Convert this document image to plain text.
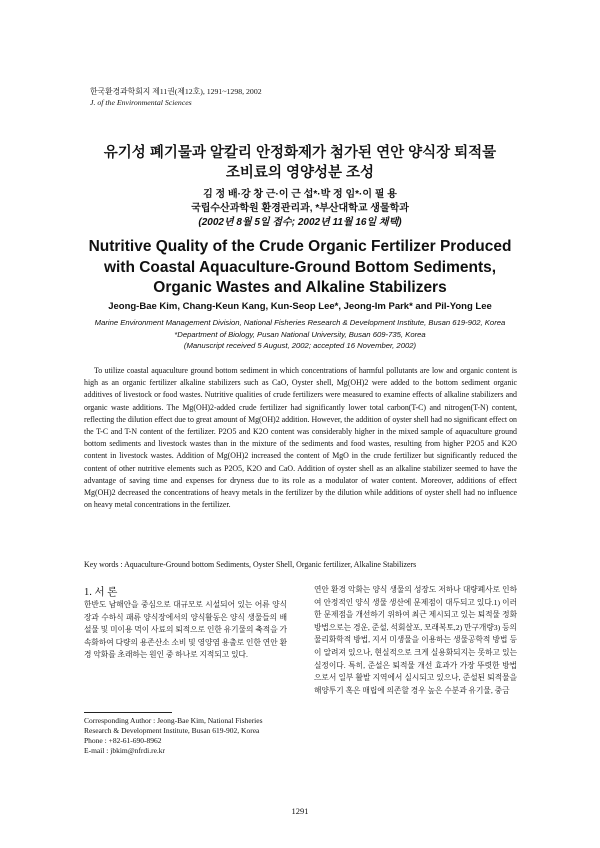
한국환경과학회지 제11권(제12호), 1291~1298, 2002
J. of the Environmental Sciences
유기성 폐기물과 알칼리 안정화제가 첨가된 연안 양식장 퇴적물
조비료의 영양성분 조성
김 정 배·강 창 근·이 근 섭*·박 정 임*·이 필 용
국립수산과학원 환경관리과, *부산대학교 생물학과
(2002년 8월 5일 접수; 2002년 11월 16일 채택)
Nutritive Quality of the Crude Organic Fertilizer Produced
with Coastal Aquaculture-Ground Bottom Sediments,
Organic Wastes and Alkaline Stabilizers
Jeong-Bae Kim, Chang-Keun Kang, Kun-Seop Lee*, Jeong-Im Park* and Pil-Yong Lee
Marine Environment Management Division, National Fisheries Research & Development Institute, Busan 619-902, Korea
*Department of Biology, Pusan National University, Busan 609-735, Korea
(Manuscript received 5 August, 2002; accepted 16 November, 2002)

To utilize coastal aquaculture ground bottom sediment in which concentrations of harmful pollutants are low and organic content is high as an organic fertilizer alkaline stabilizers such as CaO, Oyster shell, Mg(OH)2 were added to the bottom sediment organic additives of livestock or food wastes. Nutritive qualities of crude fertilizers were measured to examine effects of alkaline stabilizers and organic waste additions. The Mg(OH)2-added crude fertilizer had significantly lower total carbon(T-C) and nitrogen(T-N) content, reflecting the dilution effect due to great amount of Mg(OH)2 addition. However, the addition of oyster shell had no significant effect on the T-C and T-N content of the fertilizer. P2O5 and K2O content was considerably higher in the mixed sample of aquaculture ground bottom sediments and livestock wastes than in the mixture of the sediments and food wastes, resulting from higher P2O5 and K2O content in livestock wastes. Addition of Mg(OH)2 increased the content of MgO in the crude fertilizer but significantly reduced the content of other nutritive elements such as P2O5, K2O and CaO. Addition of oyster shell as an alkaline stabilizer seemed to have the advantage of saving time and expenses for dryness due to its role as a modulator of water content. Moreover, additions of effect Mg(OH)2 decreased the concentrations of heavy metals in the fertilizer by the dilution while additions of oyster shell had no influence on heavy metal concentrations in the fertilizer.

Key words : Aquaculture-Ground bottom Sediments, Oyster Shell, Organic fertilizer, Alkaline Stabilizers
1. 서 론

한반도 남해안을 중심으로 대규모로 시설되어 있는 어류 양식장과 수하식 패류 양식장에서의 양식활동은 양식 생물들의 배설물 및 미이용 먹이 사료의 퇴적으로 인한 유기물의 축적을 가속화하여 다량의 용존산소 소비 및 영양염 용출로 인한 연안 환경 악화를 초래하는 원인 중 하나로 지적되고 있다.

연안 환경 악화는 양식 생물의 성장도 저하나 대량폐사로 인하여 안정적인 양식 생물 생산에 문제점이 대두되고 있다.1) 이러한 문제점을 개선하기 위하여 최근 제시되고 있는 퇴적물 정화 방법으로는 경운, 준설, 석회살포, 모래복토,2) 만구개량3) 등의 물리화학적 방법, 지서 미생물을 이용하는 생물공학적 방법 등이 알려져 있으나, 현실적으로 크게 실용화되지는 못하고 있는 실정이다. 특히, 준설은 퇴적물 개선 효과가 가장 뚜렷한 방법으로서 일부 활발 지역에서 실시되고 있으나, 준설된 퇴적물을 해양투기 혹은 매립에 의존할 경우 높은 수분과 유기물, 중금

Corresponding Author : Jeong-Bae Kim, National Fisheries
Research & Development Institute, Busan 619-902, Korea
Phone : +82-61-690-8962
E-mail : jbkim@nfrdi.re.kr
1291
